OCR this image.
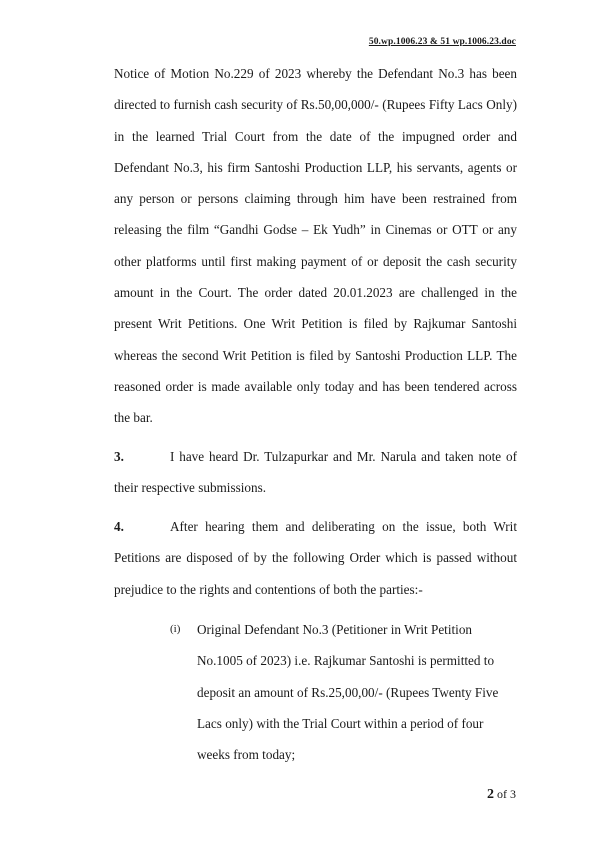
50.wp.1006.23 & 51 wp.1006.23.doc
Notice of Motion No.229 of 2023 whereby the Defendant No.3 has been directed to furnish cash security of Rs.50,00,000/- (Rupees Fifty Lacs Only) in the learned Trial Court from the date of the impugned order and Defendant No.3, his firm Santoshi Production LLP, his servants, agents or any person or persons claiming through him have been restrained from releasing the film “Gandhi Godse – Ek Yudh” in Cinemas or OTT or any other platforms until first making payment of or deposit the cash security amount in the Court. The order dated 20.01.2023 are challenged in the present Writ Petitions. One Writ Petition is filed by Rajkumar Santoshi whereas the second Writ Petition is filed by Santoshi Production LLP. The reasoned order is made available only today and has been tendered across the bar.
3.	I have heard Dr. Tulzapurkar and Mr. Narula and taken note of their respective submissions.
4.	After hearing them and deliberating on the issue, both Writ Petitions are disposed of by the following Order which is passed without prejudice to the rights and contentions of both the parties:-
(i)	Original Defendant No.3 (Petitioner in Writ Petition No.1005 of 2023) i.e. Rajkumar Santoshi is permitted to deposit an amount of Rs.25,00,00/- (Rupees Twenty Five Lacs only) with the Trial Court within a period of four weeks from today;
2 of 3
